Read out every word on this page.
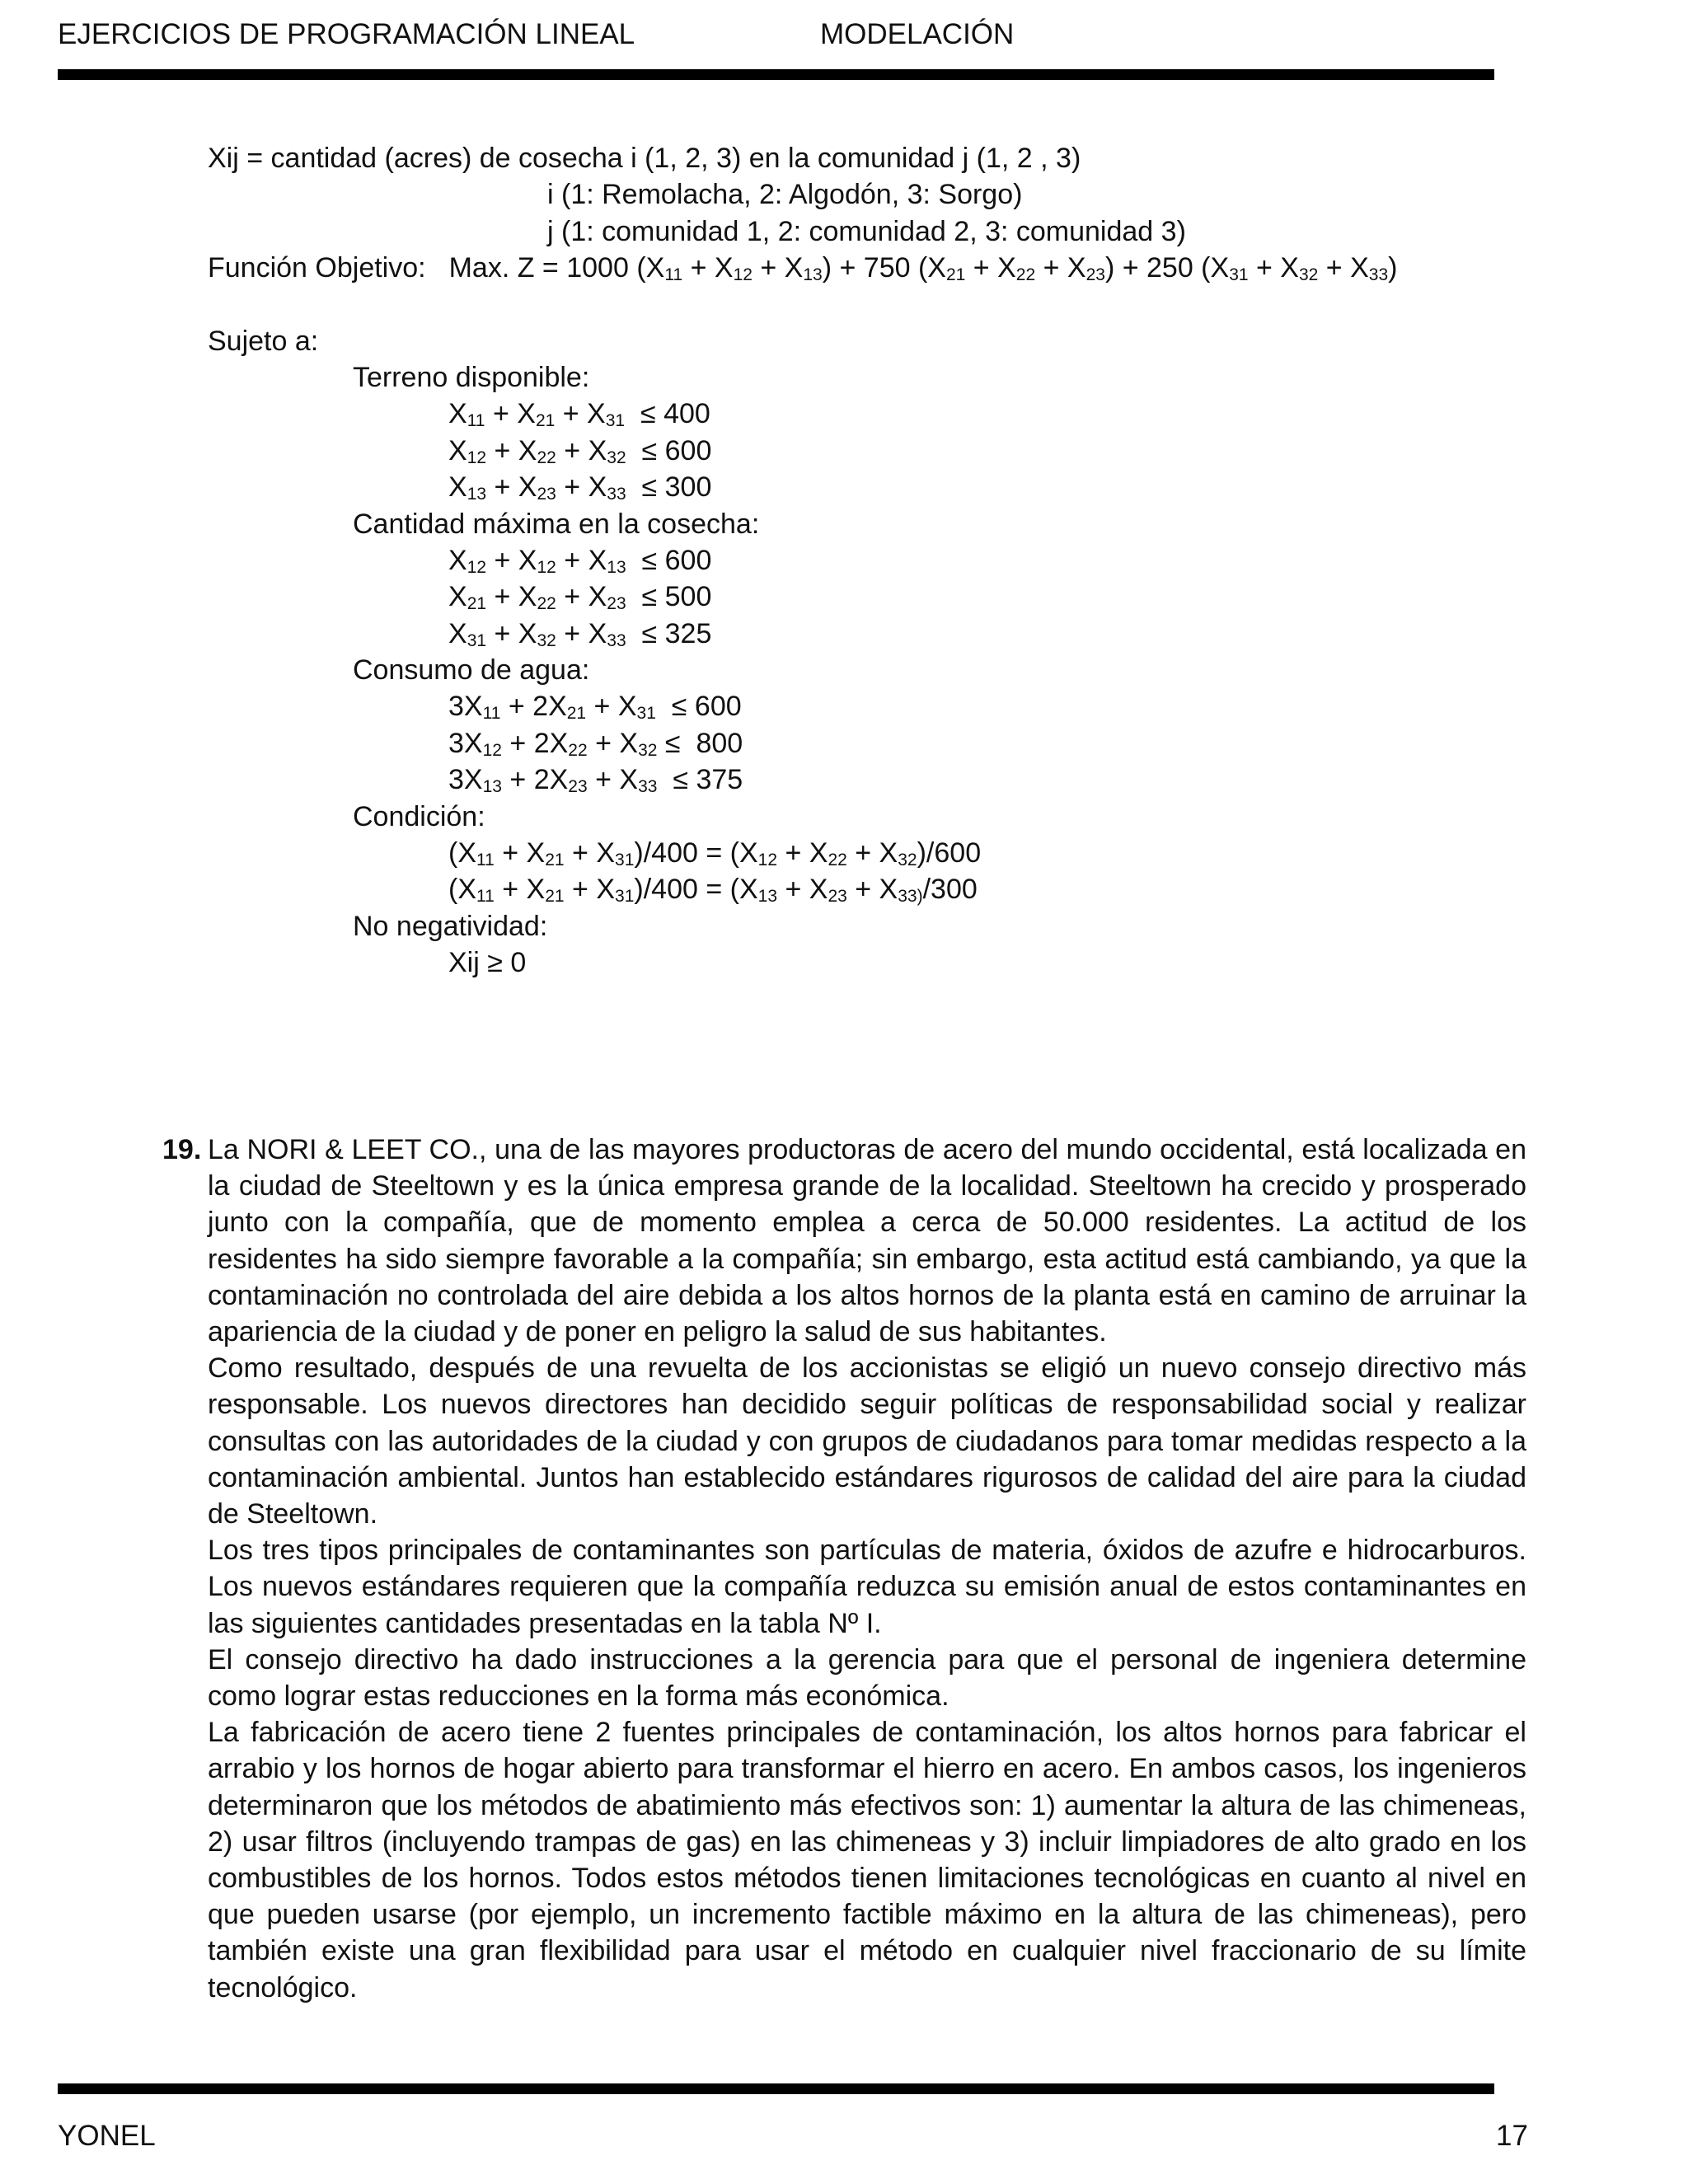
EJERCICIOS DE PROGRAMACIÓN LINEAL	MODELACIÓN
Xij = cantidad (acres) de cosecha i (1, 2, 3) en la comunidad j (1, 2 , 3)
i (1: Remolacha, 2: Algodón, 3: Sorgo)
j (1: comunidad 1, 2: comunidad 2, 3: comunidad 3)
Función Objetivo: Max. Z = 1000 $(X_{11} + X_{12} + X_{13}) + 750$ $(X_{21} + X_{22} + X_{23}) + 250$ $(X_{31} + X_{32} + X_{33})$
Sujeto a:
Terreno disponible:
$X_{11} + X_{21} + X_{31} \le 400$
$X_{12} + X_{22} + X_{32} \le 600$
$X_{13} + X_{23} + X_{33} \le 300$
Cantidad máxima en la cosecha:
$X_{12} + X_{12} + X_{13} \le 600$
$X_{21} + X_{22} + X_{23} \le 500$
$X_{31} + X_{32} + X_{33} \le 325$
Consumo de agua:
$3X_{11} + 2X_{21} + X_{31} \le 600$
$3X_{12} + 2X_{22} + X_{32} \le 800$
$3X_{13} + 2X_{23} + X_{33} \le 375$
Condición:
$(X_{11} + X_{21} + X_{31})/400 = (X_{12} + X_{22} + X_{32})/600$
$(X_{11} + X_{21} + X_{31})/400 = (X_{13} + X_{23} + X_{33)}/300$
No negatividad:
Xij ≥ 0
19. La NORI & LEET CO., una de las mayores productoras de acero del mundo occidental, está localizada en la ciudad de Steeltown y es la única empresa grande de la localidad. Steeltown ha crecido y prosperado junto con la compañía, que de momento emplea a cerca de 50.000 residentes. La actitud de los residentes ha sido siempre favorable a la compañía; sin embargo, esta actitud está cambiando, ya que la contaminación no controlada del aire debida a los altos hornos de la planta está en camino de arruinar la apariencia de la ciudad y de poner en peligro la salud de sus habitantes.

Como resultado, después de una revuelta de los accionistas se eligió un nuevo consejo directivo más responsable. Los nuevos directores han decidido seguir políticas de responsabilidad social y realizar consultas con las autoridades de la ciudad y con grupos de ciudadanos para tomar medidas respecto a la contaminación ambiental. Juntos han establecido estándares rigurosos de calidad del aire para la ciudad de Steeltown.

Los tres tipos principales de contaminantes son partículas de materia, óxidos de azufre e hidrocarburos. Los nuevos estándares requieren que la compañía reduzca su emisión anual de estos contaminantes en las siguientes cantidades presentadas en la tabla Nº I.

El consejo directivo ha dado instrucciones a la gerencia para que el personal de ingeniera determine como lograr estas reducciones en la forma más económica.

La fabricación de acero tiene 2 fuentes principales de contaminación, los altos hornos para fabricar el arrabio y los hornos de hogar abierto para transformar el hierro en acero. En ambos casos, los ingenieros determinaron que los métodos de abatimiento más efectivos son: 1) aumentar la altura de las chimeneas, 2) usar filtros (incluyendo trampas de gas) en las chimeneas y 3) incluir limpiadores de alto grado en los combustibles de los hornos. Todos estos métodos tienen limitaciones tecnológicas en cuanto al nivel en que pueden usarse (por ejemplo, un incremento factible máximo en la altura de las chimeneas), pero también existe una gran flexibilidad para usar el método en cualquier nivel fraccionario de su límite tecnológico.

YONEL	17
